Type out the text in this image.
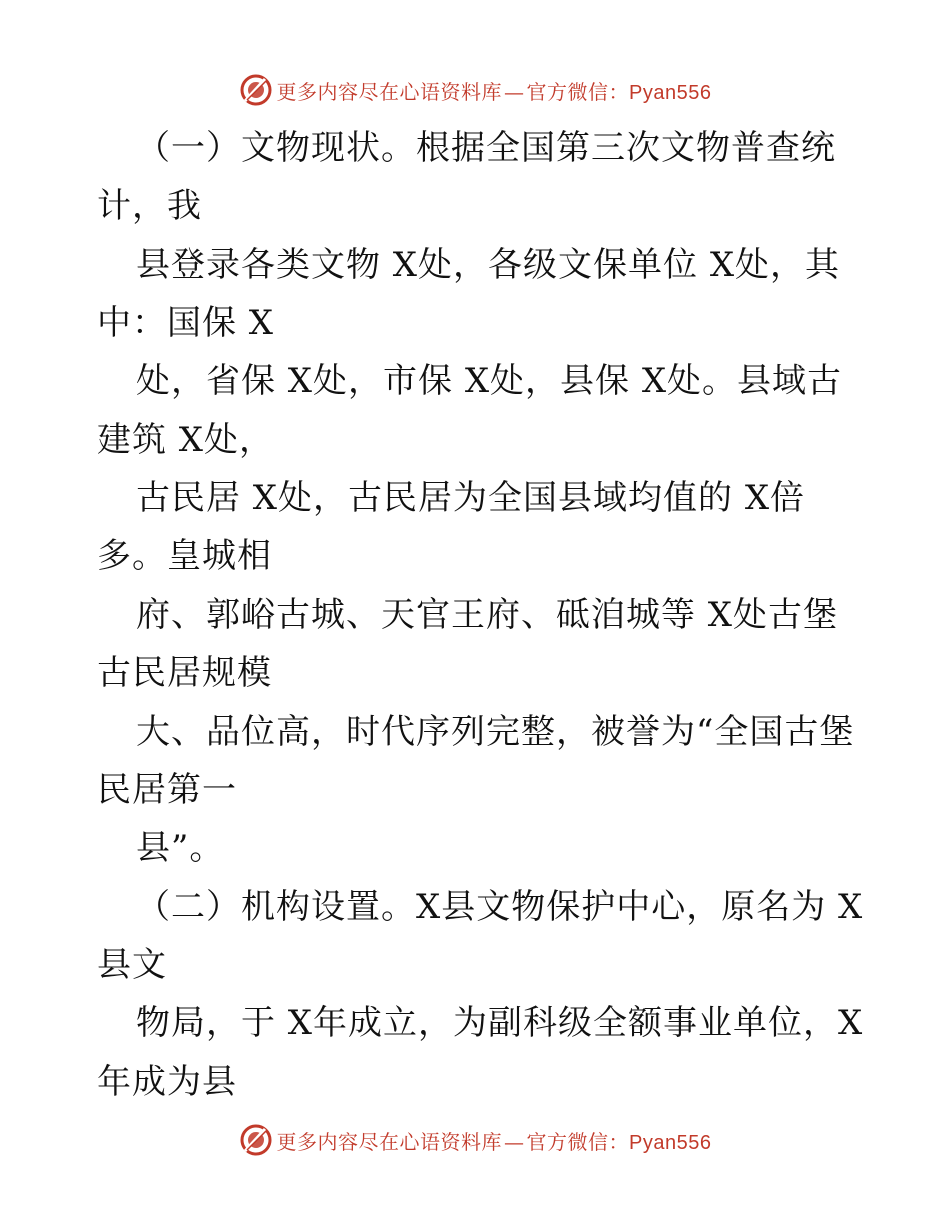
更多内容尽在心语资料库 — 官方微信：Pyan556
（一）文物现状。根据全国第三次文物普查统
计，我
县登录各类文物 X处，各级文保单位 X处，其
中：国保 X
处，省保 X处，市保 X处，县保 X处。县域古
建筑 X处，
古民居 X处，古民居为全国县域均值的 X倍
多。皇城相
府、郭峪古城、天官王府、砥洎城等 X处古堡
古民居规模
大、品位高，时代序列完整，被誉为“全国古堡
民居第一
县”。
（二）机构设置。X县文物保护中心，原名为 X
县文
物局，于 X年成立，为副科级全额事业单位，X
年成为县
更多内容尽在心语资料库 — 官方微信：Pyan556
